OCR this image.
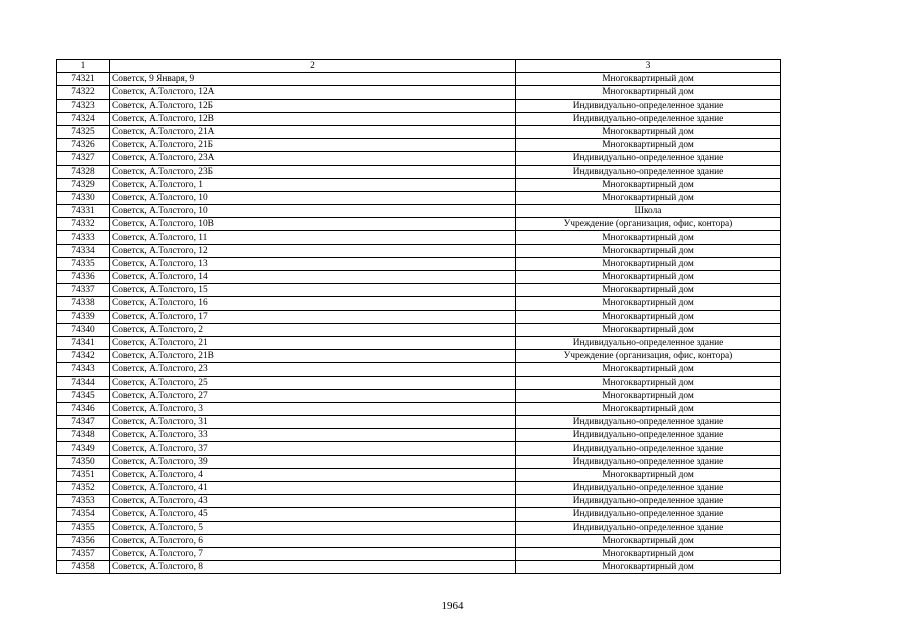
1	2	3
74321	Советск, 9 Января, 9	Многоквартирный дом
74322	Советск, А.Толстого, 12А	Многоквартирный дом
74323	Советск, А.Толстого, 12Б	Индивидуально-определенное здание
74324	Советск, А.Толстого, 12В	Индивидуально-определенное здание
74325	Советск, А.Толстого, 21А	Многоквартирный дом
74326	Советск, А.Толстого, 21Б	Многоквартирный дом
74327	Советск, А.Толстого, 23А	Индивидуально-определенное здание
74328	Советск, А.Толстого, 23Б	Индивидуально-определенное здание
74329	Советск, А.Толстого, 1	Многоквартирный дом
74330	Советск, А.Толстого, 10	Многоквартирный дом
74331	Советск, А.Толстого, 10	Школа
74332	Советск, А.Толстого, 10В	Учреждение (организация, офис, контора)
74333	Советск, А.Толстого, 11	Многоквартирный дом
74334	Советск, А.Толстого, 12	Многоквартирный дом
74335	Советск, А.Толстого, 13	Многоквартирный дом
74336	Советск, А.Толстого, 14	Многоквартирный дом
74337	Советск, А.Толстого, 15	Многоквартирный дом
74338	Советск, А.Толстого, 16	Многоквартирный дом
74339	Советск, А.Толстого, 17	Многоквартирный дом
74340	Советск, А.Толстого, 2	Многоквартирный дом
74341	Советск, А.Толстого, 21	Индивидуально-определенное здание
74342	Советск, А.Толстого, 21В	Учреждение (организация, офис, контора)
74343	Советск, А.Толстого, 23	Многоквартирный дом
74344	Советск, А.Толстого, 25	Многоквартирный дом
74345	Советск, А.Толстого, 27	Многоквартирный дом
74346	Советск, А.Толстого, 3	Многоквартирный дом
74347	Советск, А.Толстого, 31	Индивидуально-определенное здание
74348	Советск, А.Толстого, 33	Индивидуально-определенное здание
74349	Советск, А.Толстого, 37	Индивидуально-определенное здание
74350	Советск, А.Толстого, 39	Индивидуально-определенное здание
74351	Советск, А.Толстого, 4	Многоквартирный дом
74352	Советск, А.Толстого, 41	Индивидуально-определенное здание
74353	Советск, А.Толстого, 43	Индивидуально-определенное здание
74354	Советск, А.Толстого, 45	Индивидуально-определенное здание
74355	Советск, А.Толстого, 5	Индивидуально-определенное здание
74356	Советск, А.Толстого, 6	Многоквартирный дом
74357	Советск, А.Толстого, 7	Многоквартирный дом
74358	Советск, А.Толстого, 8	Многоквартирный дом
1964
